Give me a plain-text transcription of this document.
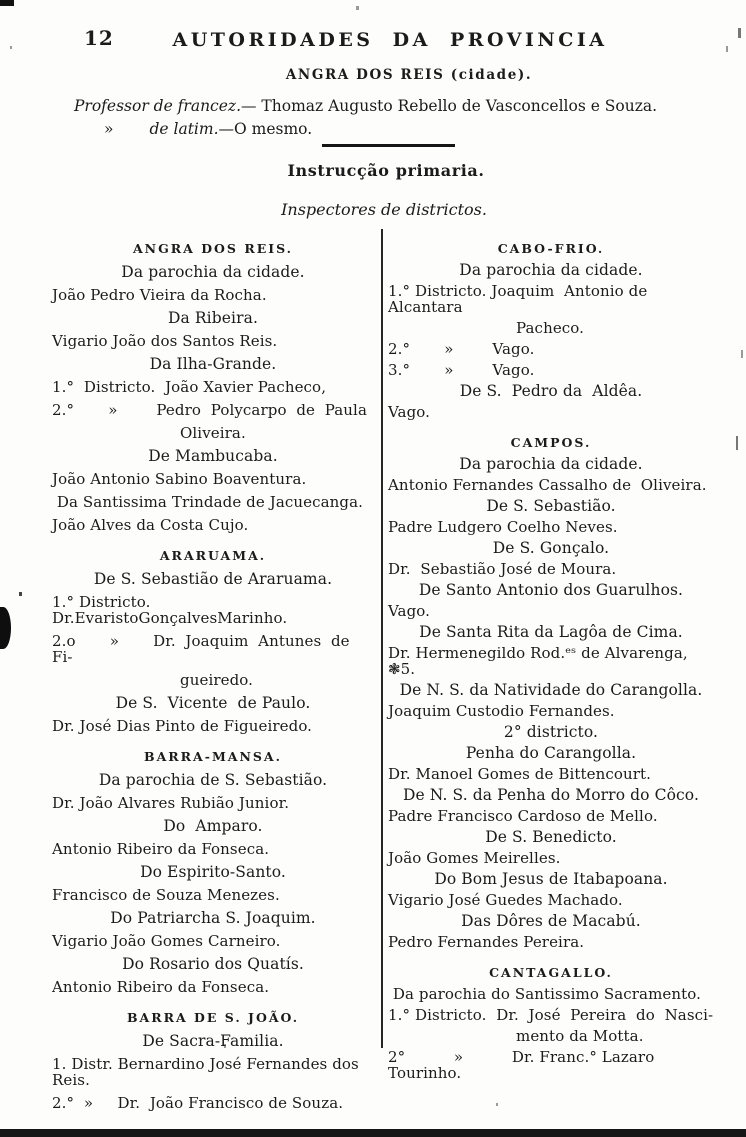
12	AUTORIDADES DA PROVINCIA
ANGRA DOS REIS (cidade).
Professor de francez.— Thomaz Augusto Rebello de Vasconcellos e Souza.
» de latim.—O mesmo.
Instrucção primaria.
Inspectores de districtos.
ANGRA DOS REIS.
Da parochia da cidade.
João Pedro Vieira da Rocha.
Da Ribeira.
Vigario João dos Santos Reis.
Da Ilha-Grande.
1.°  Districto.  João Xavier Pacheco,
2.°       »        Pedro  Polycarpo  de  Paula
Oliveira.
De Mambucaba.
João Antonio Sabino Boaventura.
Da Santissima Trindade de Jacuecanga.
João Alves da Costa Cujo.
ARARUAMA.
De S. Sebastião de Araruama.
1.° Districto. Dr.EvaristoGonçalvesMarinho.
2.o       »       Dr.  Joaquim  Antunes  de  Fi-
gueiredo.
De S.  Vicente  de Paulo.
Dr. José Dias Pinto de Figueiredo.
BARRA-MANSA.
Da parochia de S. Sebastião.
Dr. João Alvares Rubião Junior.
Do  Amparo.
Antonio Ribeiro da Fonseca.
Do Espirito-Santo.
Francisco de Souza Menezes.
Do Patriarcha S. Joaquim.
Vigario João Gomes Carneiro.
Do Rosario dos Quatís.
Antonio Ribeiro da Fonseca.
BARRA DE S. JOÃO.
De Sacra-Familia.
1. Distr. Bernardino José Fernandes dos Reis.
2.°  »     Dr.  João Francisco de Souza.
CABO-FRIO.
Da parochia da cidade.
1.° Districto. Joaquim  Antonio de  Alcantara
Pacheco.
2.°       »        Vago.
3.°       »        Vago.
De S.  Pedro da  Aldêa.
Vago.
CAMPOS.
Da parochia da cidade.
Antonio Fernandes Cassalho de  Oliveira.
De S. Sebastião.
Padre Ludgero Coelho Neves.
De S. Gonçalo.
Dr.  Sebastião José de Moura.
De Santo Antonio dos Guarulhos.
Vago.
De Santa Rita da Lagôa de Cima.
Dr. Hermenegildo Rod.ᵉˢ de Alvarenga, ❃5.
De N. S. da Natividade do Carangolla.
Joaquim Custodio Fernandes.
2° districto.
Penha do Carangolla.
Dr. Manoel Gomes de Bittencourt.
De N. S. da Penha do Morro do Côco.
Padre Francisco Cardoso de Mello.
De S. Benedicto.
João Gomes Meirelles.
Do Bom Jesus de Itabapoana.
Vigario José Guedes Machado.
Das Dôres de Macabú.
Pedro Fernandes Pereira.
CANTAGALLO.
Da parochia do Santissimo Sacramento.
1.° Districto.  Dr.  José  Pereira  do  Nasci-
mento da Motta.
2°          »          Dr. Franc.° Lazaro Tourinho.
